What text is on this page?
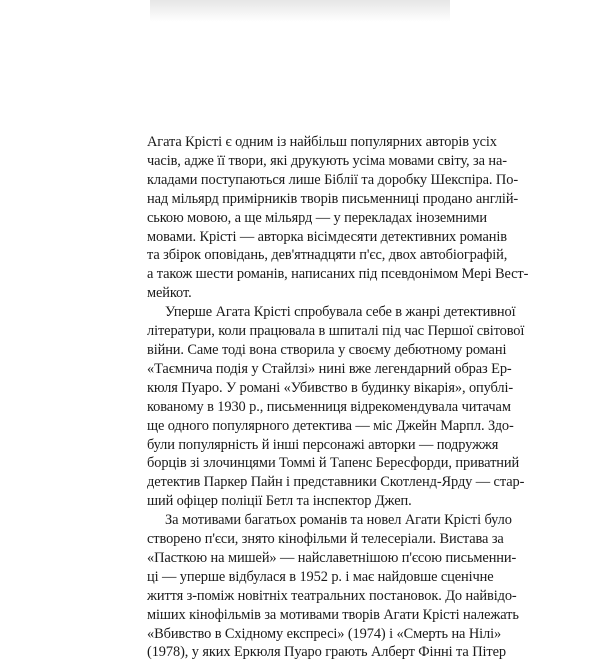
Агата Крісті є одним із найбільш популярних авторів усіх
часів, адже її твори, які друкують усіма мовами світу, за на-
кладами поступаються лише Біблії та доробку Шекспіра. По-
над мільярд примірників творів письменниці продано англій-
ською мовою, а ще мільярд — у перекладах іноземними
мовами. Крісті — авторка вісімдесяти детективних романів
та збірок оповідань, дев'ятнадцяти п'єс, двох автобіографій,
а також шести романів, написаних під псевдонімом Мері Вест-
мейкот.
Уперше Агата Крісті спробувала себе в жанрі детективної
літератури, коли працювала в шпиталі під час Першої світової
війни. Саме тоді вона створила у своєму дебютному романі
«Таємнича подія у Стайлзі» нині вже легендарний образ Ер-
кюля Пуаро. У романі «Убивство в будинку вікарія», опублі-
кованому в 1930 р., письменниця відрекомендувала читачам
ще одного популярного детектива — міс Джейн Марпл. Здо-
були популярність й інші персонажі авторки — подружжя
борців зі злочинцями Томмі й Тапенс Бересфорди, приватний
детектив Паркер Пайн і представники Скотленд-Ярду — стар-
ший офіцер поліції Бетл та інспектор Джеп.
За мотивами багатьох романів та новел Агати Крісті було
створено п'єси, знято кінофільми й телесеріали. Вистава за
«Пасткою на мишей» — найславетнішою п'єсою письменни-
ці — уперше відбулася в 1952 р. і має найдовше сценічне
життя з-поміж новітніх театральних постановок. До найвідо-
міших кінофільмів за мотивами творів Агати Крісті належать
«Вбивство в Східному експресі» (1974) і «Смерть на Нілі»
(1978), у яких Еркюля Пуаро грають Алберт Фінні та Пітер
